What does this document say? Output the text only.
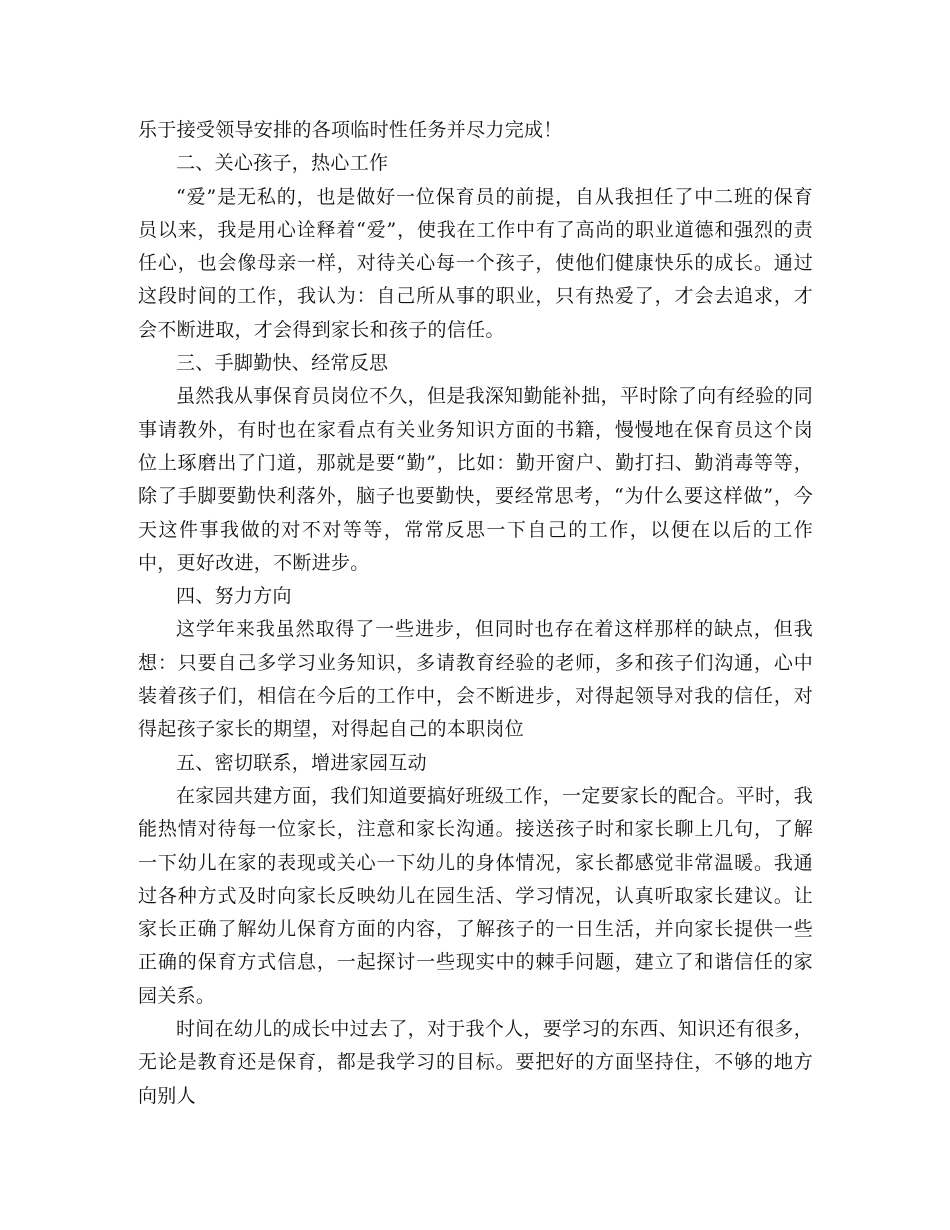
乐于接受领导安排的各项临时性任务并尽力完成！

二、关心孩子，热心工作

“爱”是无私的，也是做好一位保育员的前提，自从我担任了中二班的保育员以来，我是用心诠释着“爱”，使我在工作中有了高尚的职业道德和强烈的责任心，也会像母亲一样，对待关心每一个孩子，使他们健康快乐的成长。通过这段时间的工作，我认为：自己所从事的职业，只有热爱了，才会去追求，才会不断进取，才会得到家长和孩子的信任。

三、手脚勤快、经常反思

虽然我从事保育员岗位不久，但是我深知勤能补拙，平时除了向有经验的同事请教外，有时也在家看点有关业务知识方面的书籍，慢慢地在保育员这个岗位上琢磨出了门道，那就是要“勤”，比如：勤开窗户、勤打扫、勤消毒等等，除了手脚要勤快利落外，脑子也要勤快，要经常思考，“为什么要这样做”，今天这件事我做的对不对等等，常常反思一下自己的工作，以便在以后的工作中，更好改进，不断进步。

四、努力方向

这学年来我虽然取得了一些进步，但同时也存在着这样那样的缺点，但我想：只要自己多学习业务知识，多请教育经验的老师，多和孩子们沟通，心中装着孩子们，相信在今后的工作中，会不断进步，对得起领导对我的信任，对得起孩子家长的期望，对得起自己的本职岗位

五、密切联系，增进家园互动

在家园共建方面，我们知道要搞好班级工作，一定要家长的配合。平时，我能热情对待每一位家长，注意和家长沟通。接送孩子时和家长聊上几句，了解一下幼儿在家的表现或关心一下幼儿的身体情况，家长都感觉非常温暖。我通过各种方式及时向家长反映幼儿在园生活、学习情况，认真听取家长建议。让家长正确了解幼儿保育方面的内容，了解孩子的一日生活，并向家长提供一些正确的保育方式信息，一起探讨一些现实中的棘手问题，建立了和谐信任的家园关系。

时间在幼儿的成长中过去了，对于我个人，要学习的东西、知识还有很多，无论是教育还是保育，都是我学习的目标。要把好的方面坚持住，不够的地方向别人
